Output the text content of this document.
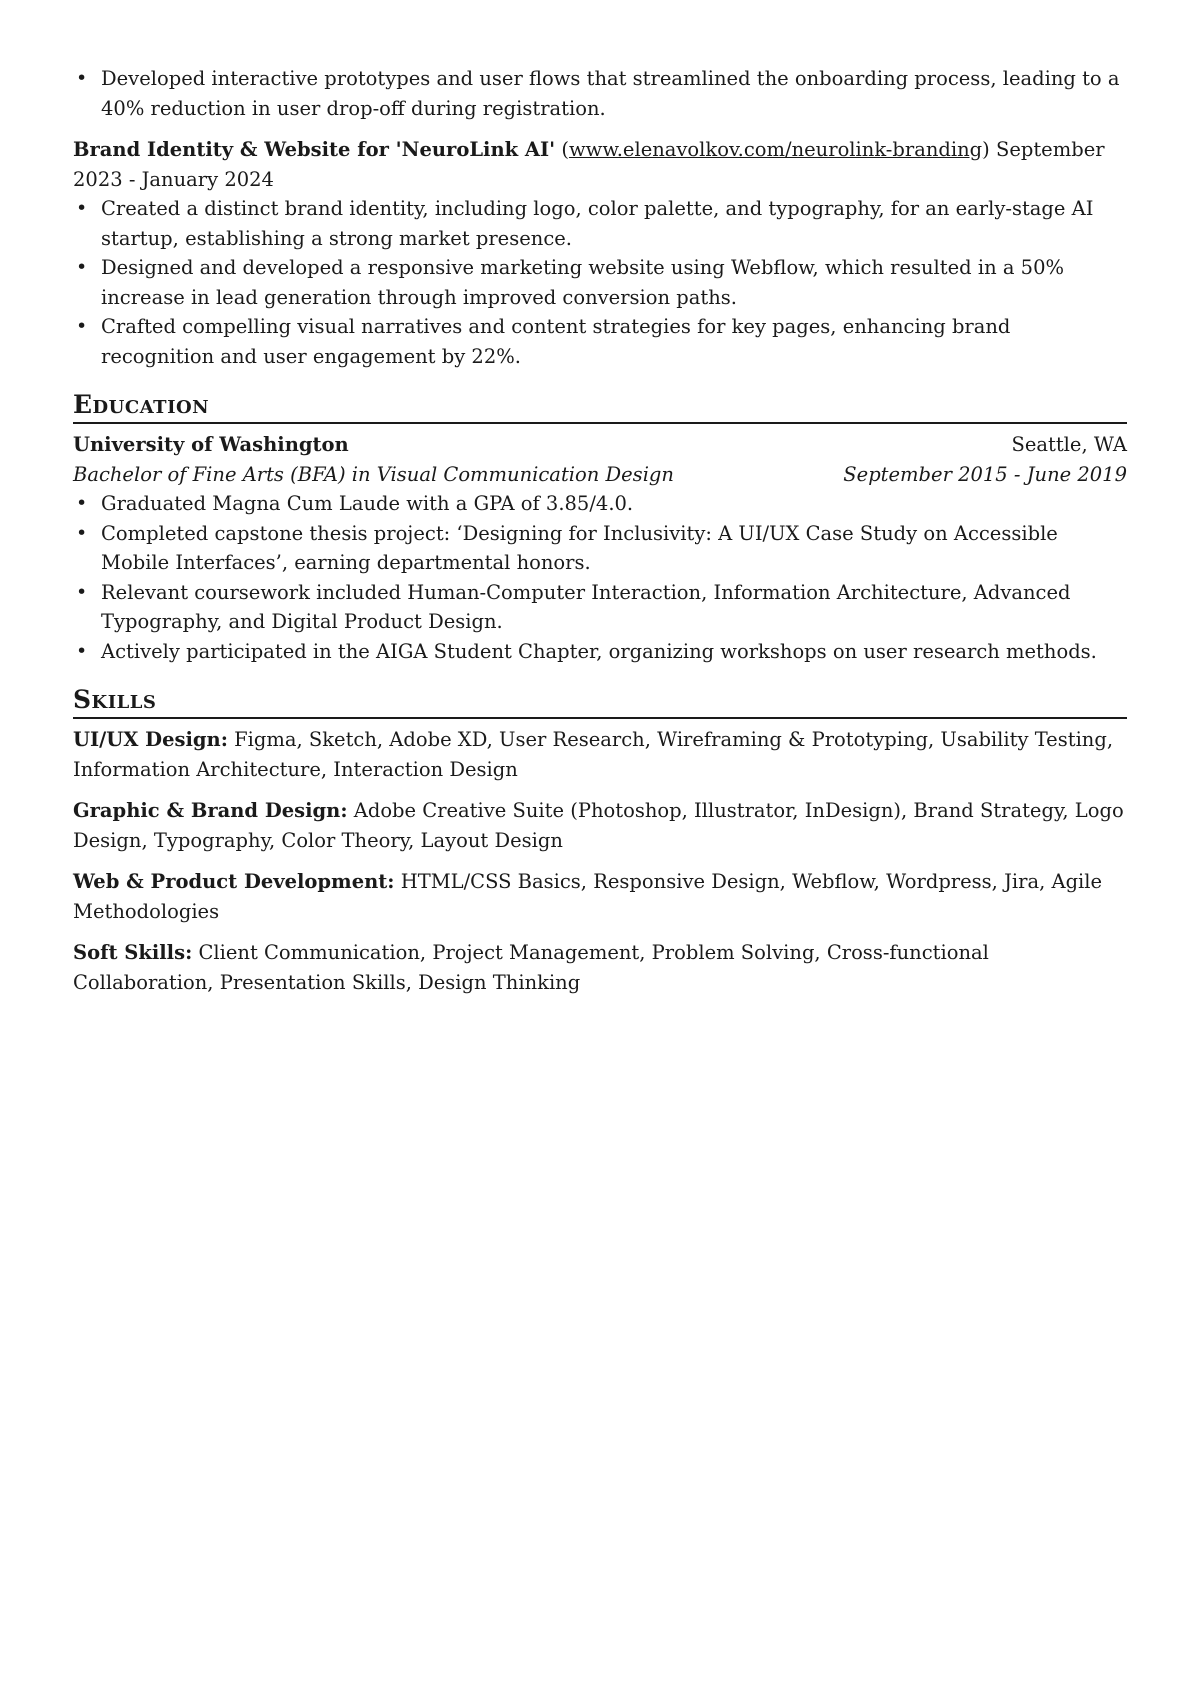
• Developed interactive prototypes and user flows that streamlined the onboarding process, leading to a 40% reduction in user drop-off during registration.
Brand Identity & Website for 'NeuroLink AI' (www.elenavolkov.com/neurolink-branding) September 2023 - January 2024
• Created a distinct brand identity, including logo, color palette, and typography, for an early-stage AI startup, establishing a strong market presence.
• Designed and developed a responsive marketing website using Webflow, which resulted in a 50% increase in lead generation through improved conversion paths.
• Crafted compelling visual narratives and content strategies for key pages, enhancing brand recognition and user engagement by 22%.
Education
University of Washington	Seattle, WA
Bachelor of Fine Arts (BFA) in Visual Communication Design	September 2015 - June 2019
• Graduated Magna Cum Laude with a GPA of 3.85/4.0.
• Completed capstone thesis project: ‘Designing for Inclusivity: A UI/UX Case Study on Accessible Mobile Interfaces’, earning departmental honors.
• Relevant coursework included Human-Computer Interaction, Information Architecture, Advanced Typography, and Digital Product Design.
• Actively participated in the AIGA Student Chapter, organizing workshops on user research methods.
Skills
UI/UX Design: Figma, Sketch, Adobe XD, User Research, Wireframing & Prototyping, Usability Testing, Information Architecture, Interaction Design
Graphic & Brand Design: Adobe Creative Suite (Photoshop, Illustrator, InDesign), Brand Strategy, Logo Design, Typography, Color Theory, Layout Design
Web & Product Development: HTML/CSS Basics, Responsive Design, Webflow, Wordpress, Jira, Agile Methodologies
Soft Skills: Client Communication, Project Management, Problem Solving, Cross-functional Collaboration, Presentation Skills, Design Thinking
